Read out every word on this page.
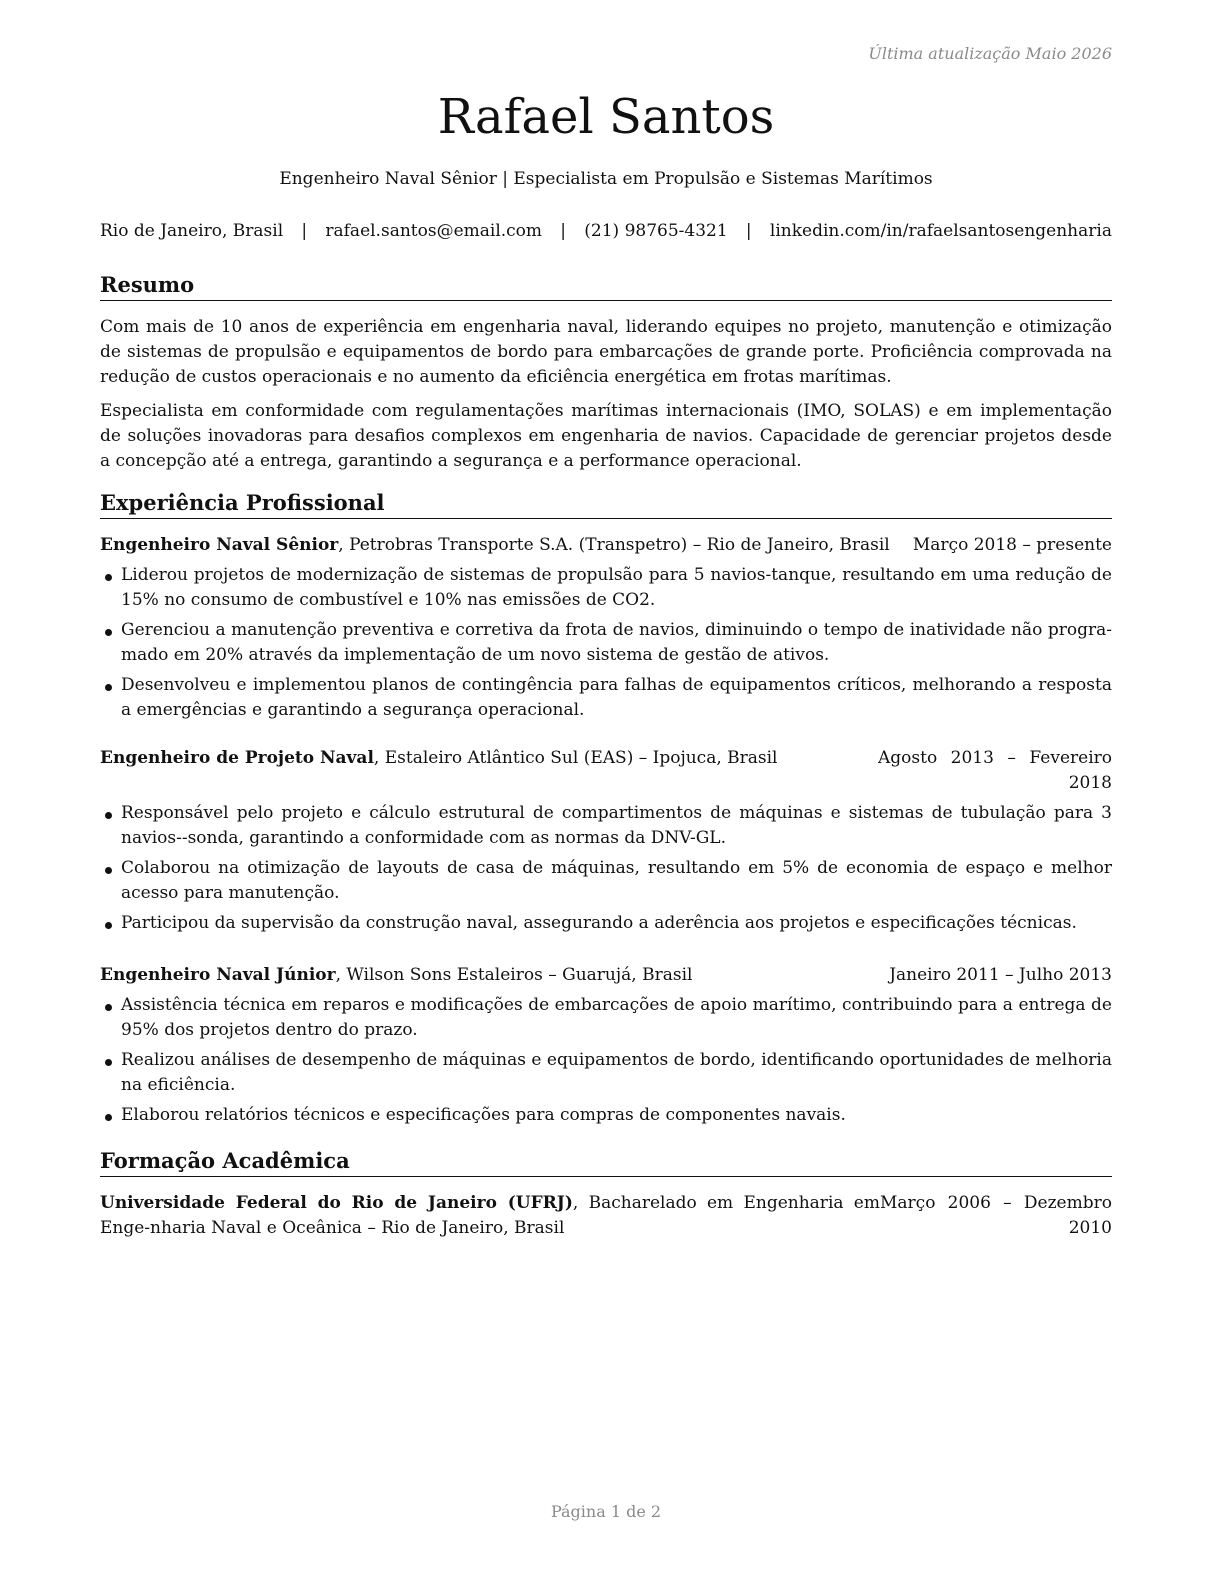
Última atualização Maio 2026
Rafael Santos
Engenheiro Naval Sênior | Especialista em Propulsão e Sistemas Marítimos
Rio de Janeiro, Brasil | rafael.santos@email.com | (21) 98765-4321 | linkedin.com/in/rafaelsantosengenharia
Resumo

Com mais de 10 anos de experiência em engenharia naval, liderando equipes no projeto, manutenção e otimização de sistemas de propulsão e equipamentos de bordo para embarcações de grande porte. Proficiência comprovada na redução de custos operacionais e no aumento da eficiência energética em frotas marítimas.

Especialista em conformidade com regulamentações marítimas internacionais (IMO, SOLAS) e em implementação de soluções inovadoras para desafios complexos em engenharia de navios. Capacidade de gerenciar projetos desde a concepção até a entrega, garantindo a segurança e a performance operacional.

Experiência Profissional
Engenheiro Naval Sênior, Petrobras Transporte S.A. (Transpetro) – Rio de Janeiro, Brasil Março 2018 – presente
Liderou projetos de modernização de sistemas de propulsão para 5 navios-tanque, resultando em uma redução de 15% no consumo de combustível e 10% nas emissões de CO2.
Gerenciou a manutenção preventiva e corretiva da frota de navios, diminuindo o tempo de inatividade não progra-mado em 20% através da implementação de um novo sistema de gestão de ativos.
Desenvolveu e implementou planos de contingência para falhas de equipamentos críticos, melhorando a resposta a emergências e garantindo a segurança operacional.
Engenheiro de Projeto Naval, Estaleiro Atlântico Sul (EAS) – Ipojuca, Brasil	Agosto 2013 – Fevereiro 2018
Responsável pelo projeto e cálculo estrutural de compartimentos de máquinas e sistemas de tubulação para 3 navios--sonda, garantindo a conformidade com as normas da DNV-GL.
Colaborou na otimização de layouts de casa de máquinas, resultando em 5% de economia de espaço e melhor acesso para manutenção.
Participou da supervisão da construção naval, assegurando a aderência aos projetos e especificações técnicas.
Engenheiro Naval Júnior, Wilson Sons Estaleiros – Guarujá, Brasil	Janeiro 2011 – Julho 2013
Assistência técnica em reparos e modificações de embarcações de apoio marítimo, contribuindo para a entrega de 95% dos projetos dentro do prazo.
Realizou análises de desempenho de máquinas e equipamentos de bordo, identificando oportunidades de melhoria na eficiência.
Elaborou relatórios técnicos e especificações para compras de componentes navais.
Formação Acadêmica
Universidade Federal do Rio de Janeiro (UFRJ), Bacharelado em Engenharia em Enge-nharia Naval e Oceânica – Rio de Janeiro, Brasil
Março 2006 – Dezembro 2010
Página 1 de 2
